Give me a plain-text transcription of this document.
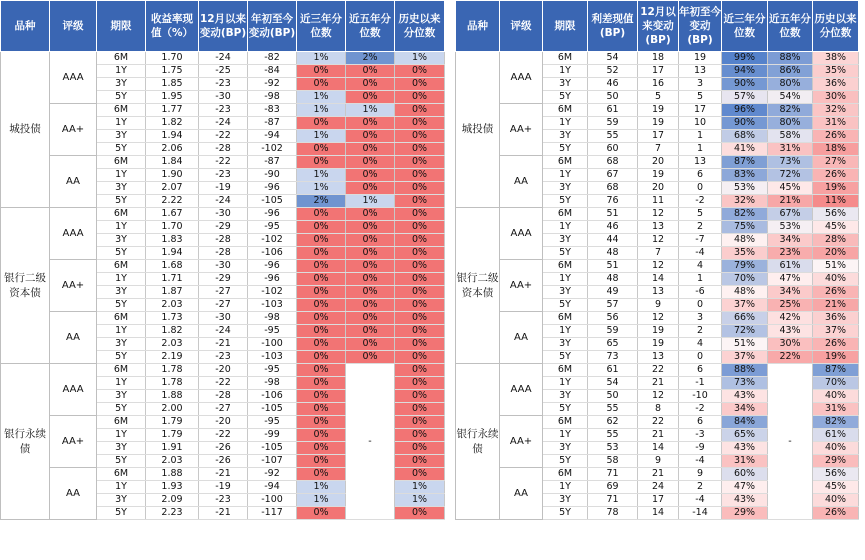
品种	评级	期限	收益率现值（%）	12月以来变动(BP)	年初至今变动(BP)	近三年分位数	近五年分位数	历史以来分位数
城投债	AAA	6M	1.70	-24	-82	1%	2%	1%
		1Y	1.75	-25	-84	0%	0%	0%
		3Y	1.85	-23	-92	0%	0%	0%
		5Y	1.95	-30	-98	1%	0%	0%
	AA+	6M	1.77	-23	-83	1%	1%	0%
		1Y	1.82	-24	-87	0%	0%	0%
		3Y	1.94	-22	-94	1%	0%	0%
		5Y	2.06	-28	-102	0%	0%	0%
	AA	6M	1.84	-22	-87	0%	0%	0%
		1Y	1.90	-23	-90	1%	0%	0%
		3Y	2.07	-19	-96	1%	0%	0%
		5Y	2.22	-24	-105	2%	1%	0%
银行二级资本债	AAA	6M	1.67	-30	-96	0%	0%	0%
		1Y	1.70	-29	-95	0%	0%	0%
		3Y	1.83	-28	-102	0%	0%	0%
		5Y	1.94	-28	-106	0%	0%	0%
	AA+	6M	1.68	-30	-96	0%	0%	0%
		1Y	1.71	-29	-96	0%	0%	0%
		3Y	1.87	-27	-102	0%	0%	0%
		5Y	2.03	-27	-103	0%	0%	0%
	AA	6M	1.73	-30	-98	0%	0%	0%
		1Y	1.82	-24	-95	0%	0%	0%
		3Y	2.03	-21	-100	0%	0%	0%
		5Y	2.19	-23	-103	0%	0%	0%
银行永续债	AAA	6M	1.78	-20	-95	0%	-	0%
		1Y	1.78	-22	-98	0%		0%
		3Y	1.88	-28	-106	0%		0%
		5Y	2.00	-27	-105	0%		0%
	AA+	6M	1.79	-20	-95	0%		0%
		1Y	1.79	-22	-99	0%		0%
		3Y	1.91	-26	-105	0%		0%
		5Y	2.03	-26	-107	0%		0%
	AA	6M	1.88	-21	-92	0%		0%
		1Y	1.93	-19	-94	1%		1%
		3Y	2.09	-23	-100	1%		1%
		5Y	2.23	-21	-117	0%		0%
品种	评级	期限	利差现值(BP)	12月以来变动(BP)	年初至今变动(BP)	近三年分位数	近五年分位数	历史以来分位数
城投债	AAA	6M	54	18	19	99%	88%	38%
		1Y	52	17	13	94%	86%	35%
		3Y	46	16	3	90%	80%	36%
		5Y	50	5	5	57%	54%	30%
	AA+	6M	61	19	17	96%	82%	32%
		1Y	59	19	10	90%	80%	31%
		3Y	55	17	1	68%	58%	26%
		5Y	60	7	1	41%	31%	18%
	AA	6M	68	20	13	87%	73%	27%
		1Y	67	19	6	83%	72%	26%
		3Y	68	20	0	53%	45%	19%
		5Y	76	11	-2	32%	21%	11%
银行二级资本债	AAA	6M	51	12	5	82%	67%	56%
		1Y	46	13	2	75%	53%	45%
		3Y	44	12	-7	48%	34%	28%
		5Y	48	7	-4	35%	23%	20%
	AA+	6M	51	12	4	79%	61%	51%
		1Y	48	14	1	70%	47%	40%
		3Y	49	13	-6	48%	34%	26%
		5Y	57	9	0	37%	25%	21%
	AA	6M	56	12	3	66%	42%	36%
		1Y	59	19	2	72%	43%	37%
		3Y	65	19	4	51%	30%	26%
		5Y	73	13	0	37%	22%	19%
银行永续债	AAA	6M	61	22	6	88%	-	87%
		1Y	54	21	-1	73%		70%
		3Y	50	12	-10	43%		40%
		5Y	55	8	-2	34%		31%
	AA+	6M	62	22	6	84%		82%
		1Y	55	21	-3	65%		61%
		3Y	53	14	-9	43%		40%
		5Y	58	9	-4	31%		29%
	AA	6M	71	21	9	60%		56%
		1Y	69	24	2	47%		45%
		3Y	71	17	-4	43%		40%
		5Y	78	14	-14	29%		26%
